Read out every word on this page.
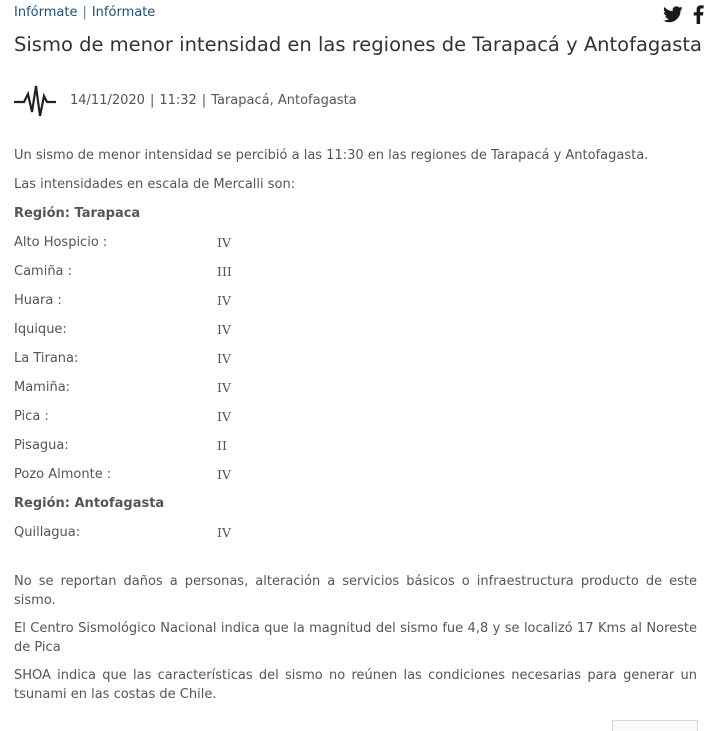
Infórmate | Infórmate
Sismo de menor intensidad en las regiones de Tarapacá y Antofagasta
14/11/2020 | 11:32 | Tarapacá, Antofagasta

Un sismo de menor intensidad se percibió a las 11:30 en las regiones de Tarapacá y Antofagasta.

Las intensidades en escala de Mercalli son:

Región: Tarapaca
Alto Hospicio :	IV
Camiña :	III
Huara :	IV
Iquique:	IV
La Tirana:	IV
Mamiña:	IV
Pica :	IV
Pisagua:	II
Pozo Almonte :	IV
Región: Antofagasta
Quillagua:	IV

No se reportan daños a personas, alteración a servicios básicos o infraestructura producto de este sismo.

El Centro Sismológico Nacional indica que la magnitud del sismo fue 4,8 y se localizó 17 Kms al Noreste de Pica

SHOA indica que las características del sismo no reúnen las condiciones necesarias para generar un tsunami en las costas de Chile.
